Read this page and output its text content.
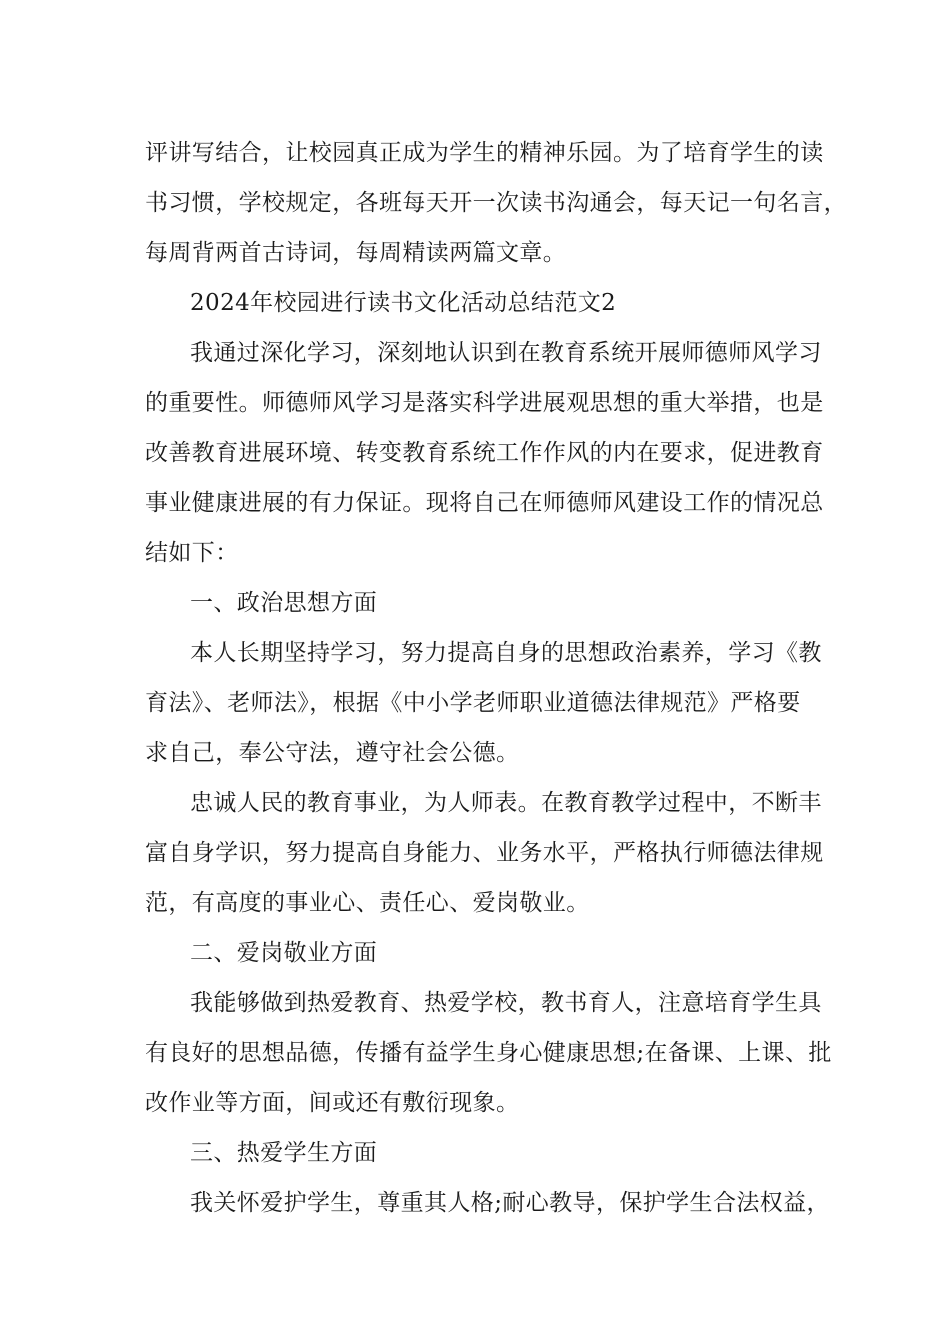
评讲写结合，让校园真正成为学生的精神乐园。为了培育学生的读
书习惯，学校规定，各班每天开一次读书沟通会，每天记一句名言，
每周背两首古诗词，每周精读两篇文章。
2024年校园进行读书文化活动总结范文2
我通过深化学习，深刻地认识到在教育系统开展师德师风学习
的重要性。师德师风学习是落实科学进展观思想的重大举措，也是
改善教育进展环境、转变教育系统工作作风的内在要求，促进教育
事业健康进展的有力保证。现将自己在师德师风建设工作的情况总
结如下：
一、政治思想方面
本人长期坚持学习，努力提高自身的思想政治素养，学习《教
育法》、老师法》，根据《中小学老师职业道德法律规范》严格要
求自己，奉公守法，遵守社会公德。
忠诚人民的教育事业，为人师表。在教育教学过程中，不断丰
富自身学识，努力提高自身能力、业务水平，严格执行师德法律规
范，有高度的事业心、责任心、爱岗敬业。
二、爱岗敬业方面
我能够做到热爱教育、热爱学校，教书育人，注意培育学生具
有良好的思想品德，传播有益学生身心健康思想;在备课、上课、批
改作业等方面，间或还有敷衍现象。
三、热爱学生方面
我关怀爱护学生，尊重其人格;耐心教导，保护学生合法权益，
